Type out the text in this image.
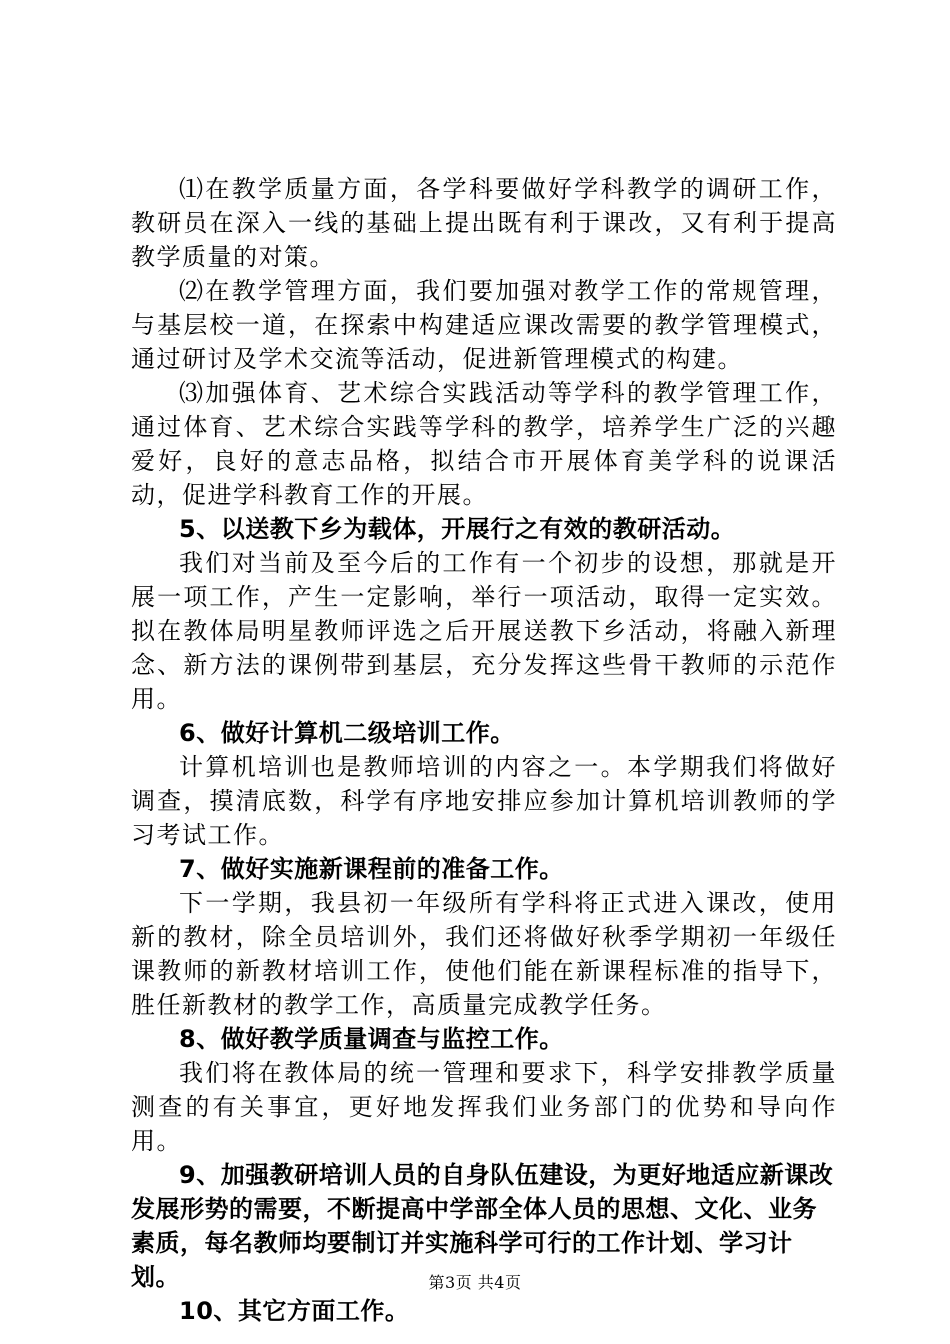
⑴在教学质量方面，各学科要做好学科教学的调研工作，教研员在深入一线的基础上提出既有利于课改，又有利于提高教学质量的对策。

⑵在教学管理方面，我们要加强对教学工作的常规管理，与基层校一道，在探索中构建适应课改需要的教学管理模式，通过研讨及学术交流等活动，促进新管理模式的构建。

⑶加强体育、艺术综合实践活动等学科的教学管理工作，通过体育、艺术综合实践等学科的教学，培养学生广泛的兴趣爱好，良好的意志品格，拟结合市开展体育美学科的说课活动，促进学科教育工作的开展。

5、以送教下乡为载体，开展行之有效的教研活动。

我们对当前及至今后的工作有一个初步的设想，那就是开展一项工作，产生一定影响，举行一项活动，取得一定实效。拟在教体局明星教师评选之后开展送教下乡活动，将融入新理念、新方法的课例带到基层，充分发挥这些骨干教师的示范作用。

6、做好计算机二级培训工作。

计算机培训也是教师培训的内容之一。本学期我们将做好调查，摸清底数，科学有序地安排应参加计算机培训教师的学习考试工作。

7、做好实施新课程前的准备工作。

下一学期，我县初一年级所有学科将正式进入课改，使用新的教材，除全员培训外，我们还将做好秋季学期初一年级任课教师的新教材培训工作，使他们能在新课程标准的指导下，胜任新教材的教学工作，高质量完成教学任务。

8、做好教学质量调查与监控工作。

我们将在教体局的统一管理和要求下，科学安排教学质量测查的有关事宜，更好地发挥我们业务部门的优势和导向作用。

9、加强教研培训人员的自身队伍建设，为更好地适应新课改发展形势的需要，不断提高中学部全体人员的思想、文化、业务素质，每名教师均要制订并实施科学可行的工作计划、学习计划。

10、其它方面工作。

第3页 共4页
